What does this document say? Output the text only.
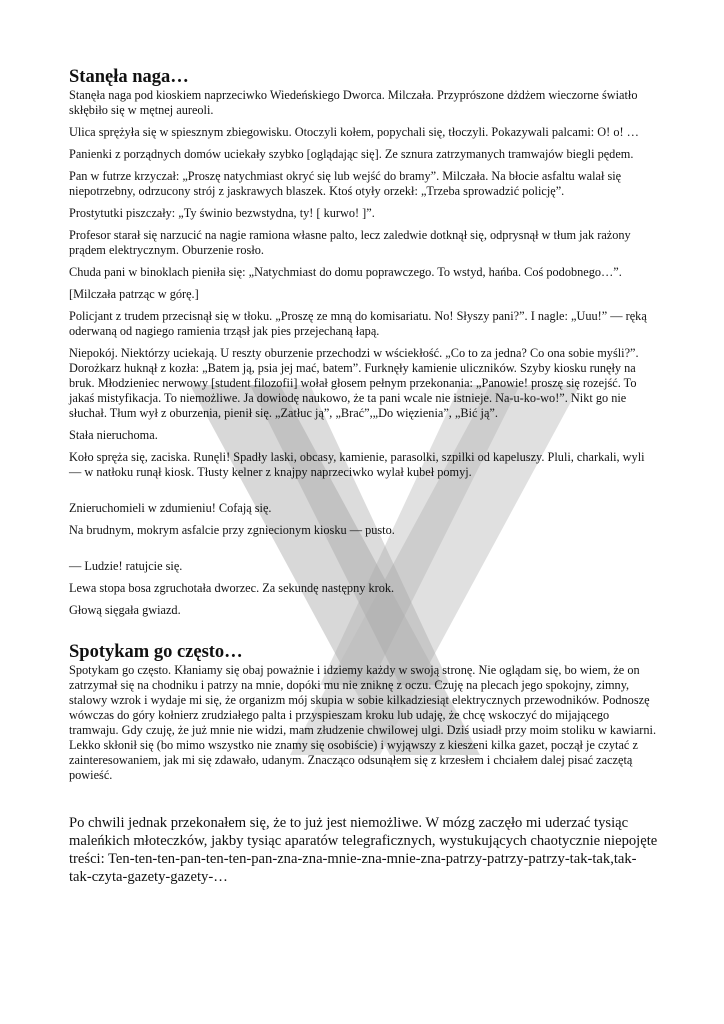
Stanęła naga…

Stanęła naga pod kioskiem naprzeciwko Wiedeńskiego Dworca. Milczała. Przyprószone dżdżem wieczorne światło skłębiło się w mętnej aureoli.

Ulica sprężyła się w spiesznym zbiegowisku. Otoczyli kołem, popychali się, tłoczyli. Pokazywali palcami: O! o! …

Panienki z porządnych domów uciekały szybko [oglądając się]. Ze sznura zatrzymanych tramwajów biegli pędem.

Pan w futrze krzyczał: „Proszę natychmiast okryć się lub wejść do bramy”. Milczała. Na błocie asfaltu walał się niepotrzebny, odrzucony strój z jaskrawych blaszek. Ktoś otyły orzekł: „Trzeba sprowadzić policję”.

Prostytutki piszczały: „Ty świnio bezwstydna, ty! [ kurwo! ]”.

Profesor starał się narzucić na nagie ramiona własne palto, lecz zaledwie dotknął się, odprysnął w tłum jak rażony prądem elektrycznym. Oburzenie rosło.

Chuda pani w binoklach pieniła się: „Natychmiast do domu poprawczego. To wstyd, hańba. Coś podobnego…”.

[Milczała patrząc w górę.]

Policjant z trudem przecisnął się w tłoku. „Proszę ze mną do komisariatu. No! Słyszy pani?”. I nagle: „Uuu!” — ręką oderwaną od nagiego ramienia trząsł jak pies przejechaną łapą.

Niepokój. Niektórzy uciekają. U reszty oburzenie przechodzi w wściekłość. „Co to za jedna? Co ona sobie myśli?”. Dorożkarz huknął z kozła: „Batem ją, psia jej mać, batem”. Furknęły kamienie uliczników. Szyby kiosku runęły na bruk. Młodzieniec nerwowy [student filozofii] wołał głosem pełnym przekonania: „Panowie! proszę się rozejść. To jakaś mistyfikacja. To niemożliwe. Ja dowiodę naukowo, że ta pani wcale nie istnieje. Na-u-ko-wo!”. Nikt go nie słuchał. Tłum wył z oburzenia, pienił się. „Zatłuc ją”, „Brać”,„Do więzienia”, „Bić ją”.

Stała nieruchoma.

Koło spręża się, zaciska. Runęli! Spadły laski, obcasy, kamienie, parasolki, szpilki od kapeluszy. Pluli, charkali, wyli — w natłoku runął kiosk. Tłusty kelner z knajpy naprzeciwko wylał kubeł pomyj.

Znieruchomieli w zdumieniu! Cofają się.

Na brudnym, mokrym asfalcie przy zgniecionym kiosku — pusto.

— Ludzie! ratujcie się.

Lewa stopa bosa zgruchotała dworzec. Za sekundę następny krok.

Głową sięgała gwiazd.

Spotykam go często…

Spotykam go często. Kłaniamy się obaj poważnie i idziemy każdy w swoją stronę. Nie oglądam się, bo wiem, że on zatrzymał się na chodniku i patrzy na mnie, dopóki mu nie zniknę z oczu. Czuję na plecach jego spokojny, zimny, stalowy wzrok i wydaje mi się, że organizm mój skupia w sobie kilkadziesiąt elektrycznych przewodników. Podnoszę wówczas do góry kołnierz zrudziałego palta i przyspieszam kroku lub udaję, że chcę wskoczyć do mijającego tramwaju. Gdy czuję, że już mnie nie widzi, mam złudzenie chwilowej ulgi. Dziś usiadł przy moim stoliku w kawiarni. Lekko skłonił się (bo mimo wszystko nie znamy się osobiście) i wyjąwszy z kieszeni kilka gazet, począł je czytać z zainteresowaniem, jak mi się zdawało, udanym. Znacząco odsunąłem się z krzesłem i chciałem dalej pisać zaczętą powieść.

Po chwili jednak przekonałem się, że to już jest niemożliwe. W mózg zaczęło mi uderzać tysiąc maleńkich młoteczków, jakby tysiąc aparatów telegraficznych, wystukujących chaotycznie niepojęte treści: Ten-ten-ten-pan-ten-ten-pan-zna-zna-mnie-zna-mnie-zna-patrzy-patrzy-patrzy-tak-tak,tak-tak-czyta-gazety-gazety-…
